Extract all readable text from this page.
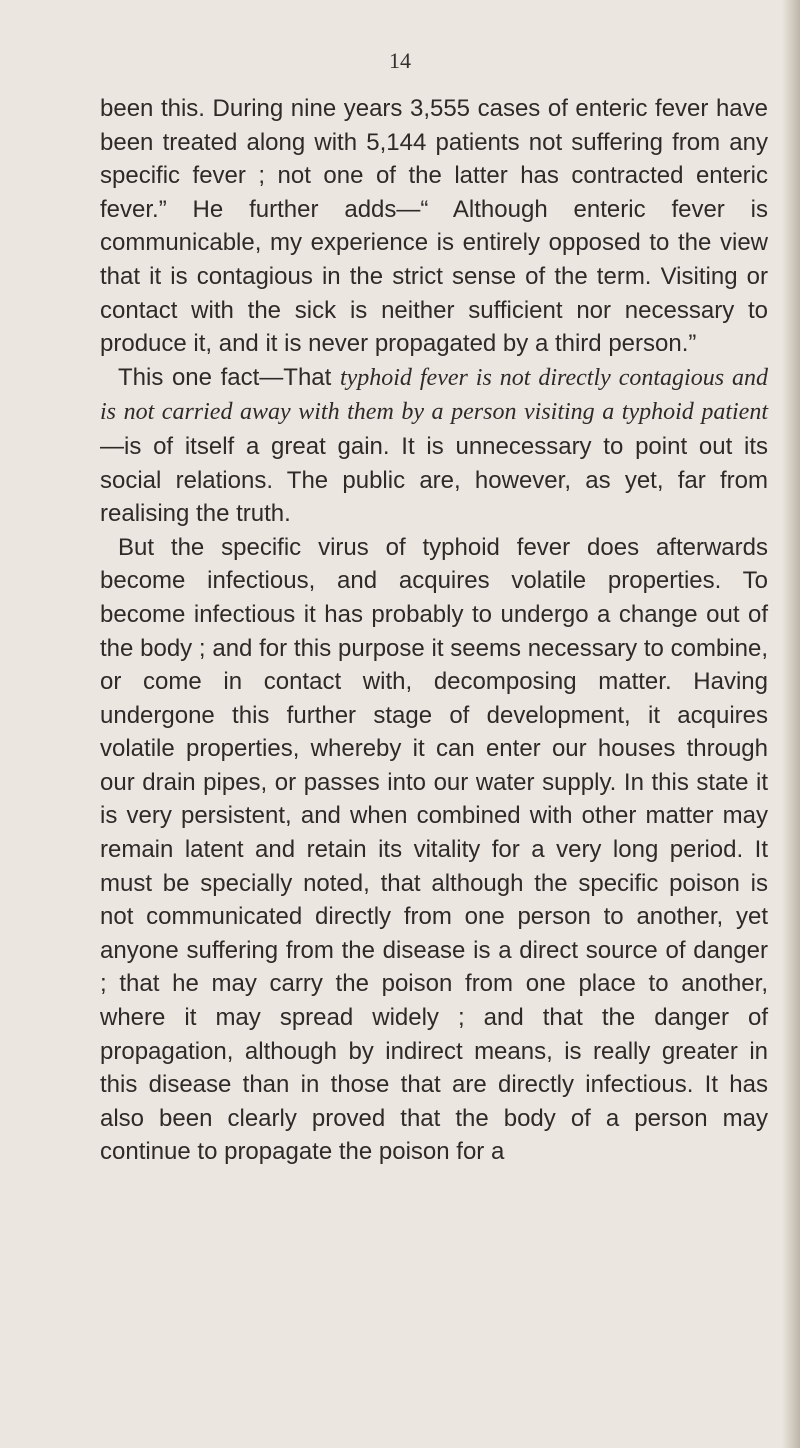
14

been this. During nine years 3,555 cases of enteric fever have been treated along with 5,144 patients not suffering from any specific fever ; not one of the latter has contracted enteric fever.” He further adds—“ Although enteric fever is communicable, my experience is entirely opposed to the view that it is contagious in the strict sense of the term. Visiting or contact with the sick is neither sufficient nor necessary to produce it, and it is never propagated by a third person.”

This one fact—That typhoid fever is not directly contagious and is not carried away with them by a person visiting a typhoid patient—is of itself a great gain. It is unnecessary to point out its social relations. The public are, however, as yet, far from realising the truth.

But the specific virus of typhoid fever does afterwards become infectious, and acquires volatile properties. To become infectious it has probably to undergo a change out of the body ; and for this purpose it seems necessary to combine, or come in contact with, decomposing matter. Having undergone this further stage of development, it acquires volatile properties, whereby it can enter our houses through our drain pipes, or passes into our water supply. In this state it is very persistent, and when combined with other matter may remain latent and retain its vitality for a very long period. It must be specially noted, that although the specific poison is not communicated directly from one person to another, yet anyone suffering from the disease is a direct source of danger ; that he may carry the poison from one place to another, where it may spread widely ; and that the danger of propagation, although by indirect means, is really greater in this disease than in those that are directly infectious. It has also been clearly proved that the body of a person may continue to propagate the poison for a
